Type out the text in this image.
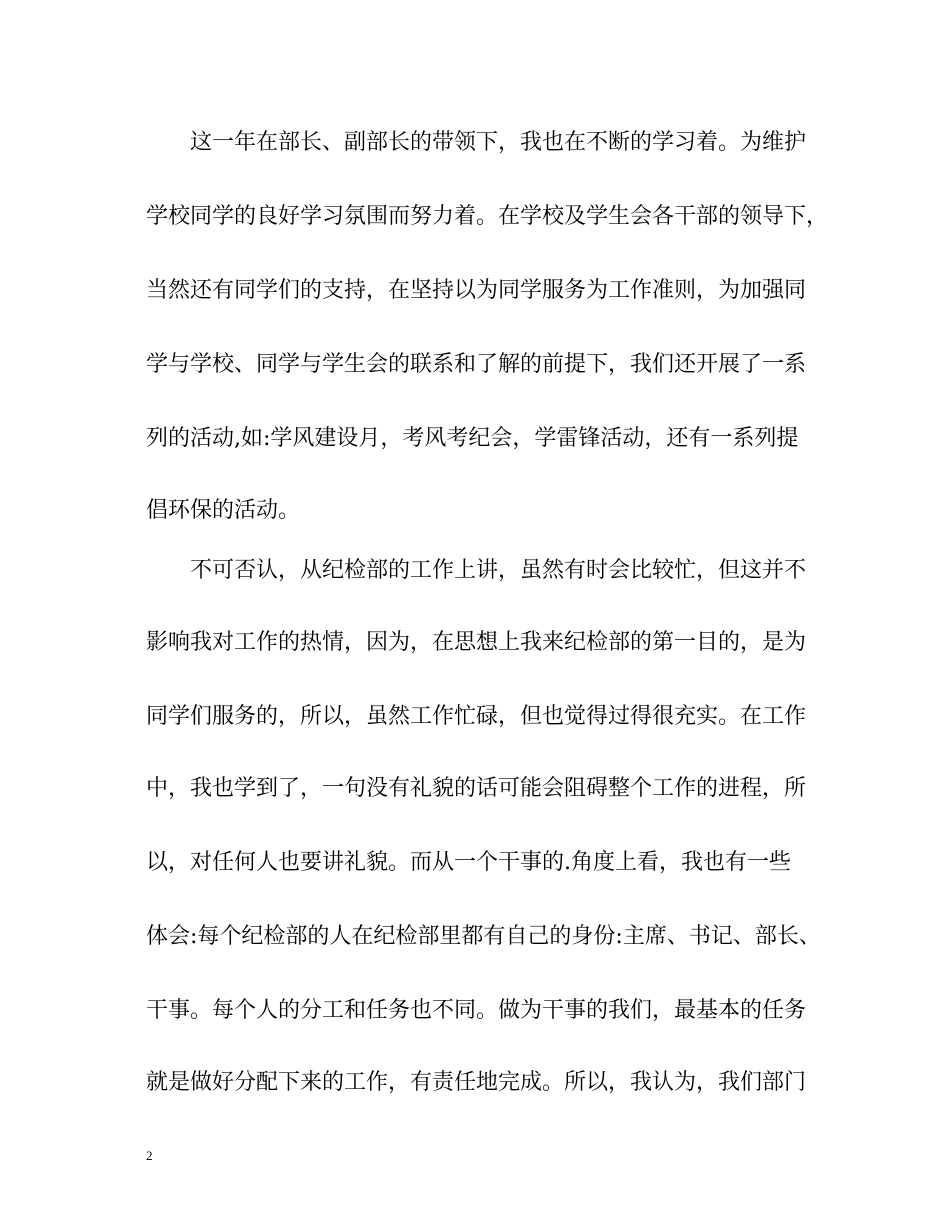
这一年在部长、副部长的带领下，我也在不断的学习着。为维护

学校同学的良好学习氛围而努力着。在学校及学生会各干部的领导下，

当然还有同学们的支持，在坚持以为同学服务为工作准则，为加强同

学与学校、同学与学生会的联系和了解的前提下，我们还开展了一系

列的活动,如:学风建设月，考风考纪会，学雷锋活动，还有一系列提

倡环保的活动。

不可否认，从纪检部的工作上讲，虽然有时会比较忙，但这并不

影响我对工作的热情，因为，在思想上我来纪检部的第一目的，是为

同学们服务的，所以，虽然工作忙碌，但也觉得过得很充实。在工作

中，我也学到了，一句没有礼貌的话可能会阻碍整个工作的进程，所

以，对任何人也要讲礼貌。而从一个干事的.角度上看，我也有一些

体会:每个纪检部的人在纪检部里都有自己的身份:主席、书记、部长、

干事。每个人的分工和任务也不同。做为干事的我们，最基本的任务

就是做好分配下来的工作，有责任地完成。所以，我认为，我们部门

2
